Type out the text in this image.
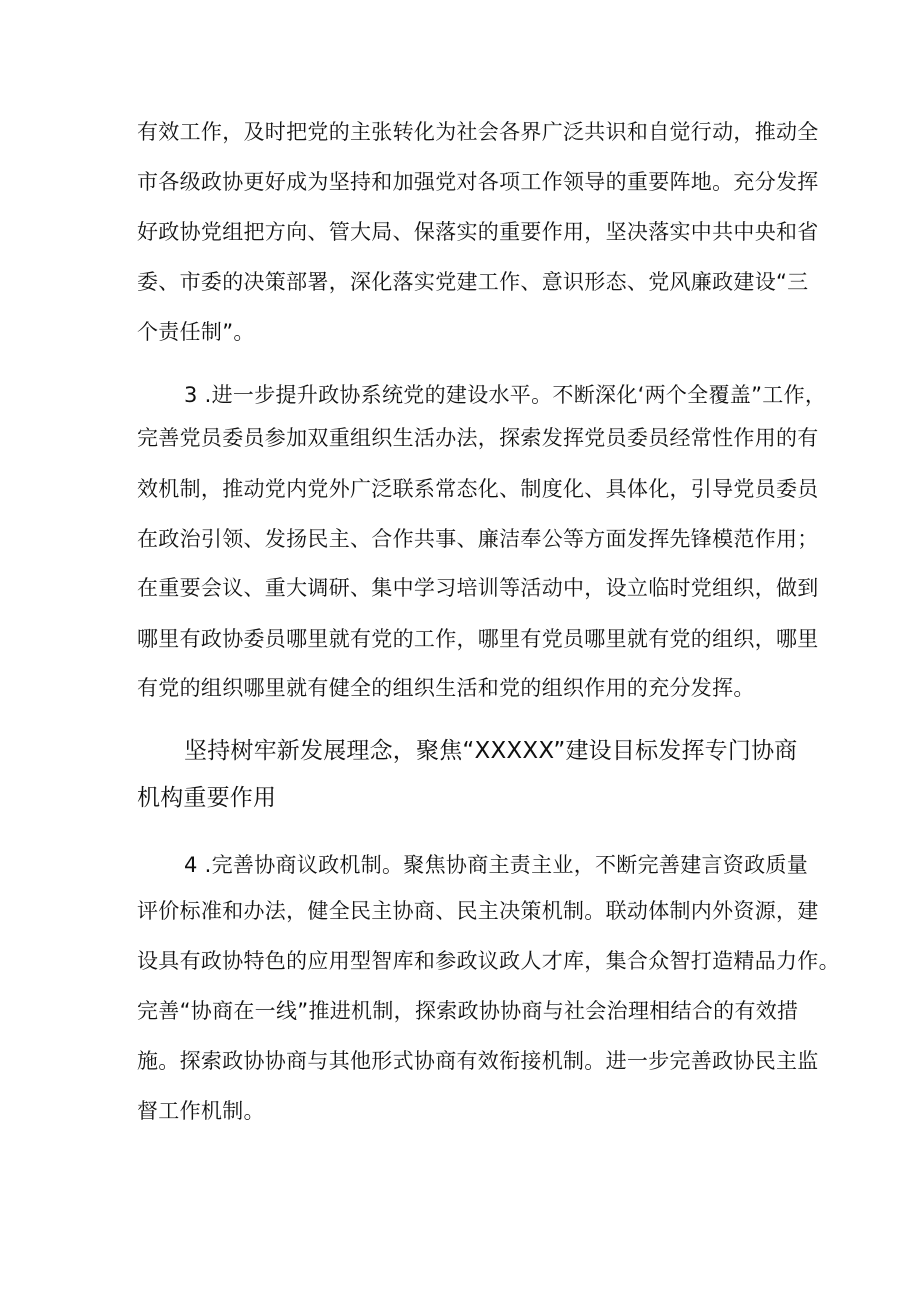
有效工作，及时把党的主张转化为社会各界广泛共识和自觉行动，推动全
市各级政协更好成为坚持和加强党对各项工作领导的重要阵地。充分发挥
好政协党组把方向、管大局、保落实的重要作用，坚决落实中共中央和省
委、市委的决策部署，深化落实党建工作、意识形态、党风廉政建设“三
个责任制”。
3 .进一步提升政协系统党的建设水平。不断深化‘两个全覆盖”工作，
完善党员委员参加双重组织生活办法，探索发挥党员委员经常性作用的有
效机制，推动党内党外广泛联系常态化、制度化、具体化，引导党员委员
在政治引领、发扬民主、合作共事、廉洁奉公等方面发挥先锋模范作用；
在重要会议、重大调研、集中学习培训等活动中，设立临时党组织，做到
哪里有政协委员哪里就有党的工作，哪里有党员哪里就有党的组织，哪里
有党的组织哪里就有健全的组织生活和党的组织作用的充分发挥。
坚持树牢新发展理念，聚焦“XXXXX”建设目标发挥专门协商
机构重要作用
4 .完善协商议政机制。聚焦协商主责主业，不断完善建言资政质量
评价标准和办法，健全民主协商、民主决策机制。联动体制内外资源，建
设具有政协特色的应用型智库和参政议政人才库，集合众智打造精品力作。
完善“协商在一线”推进机制，探索政协协商与社会治理相结合的有效措
施。探索政协协商与其他形式协商有效衔接机制。进一步完善政协民主监
督工作机制。
